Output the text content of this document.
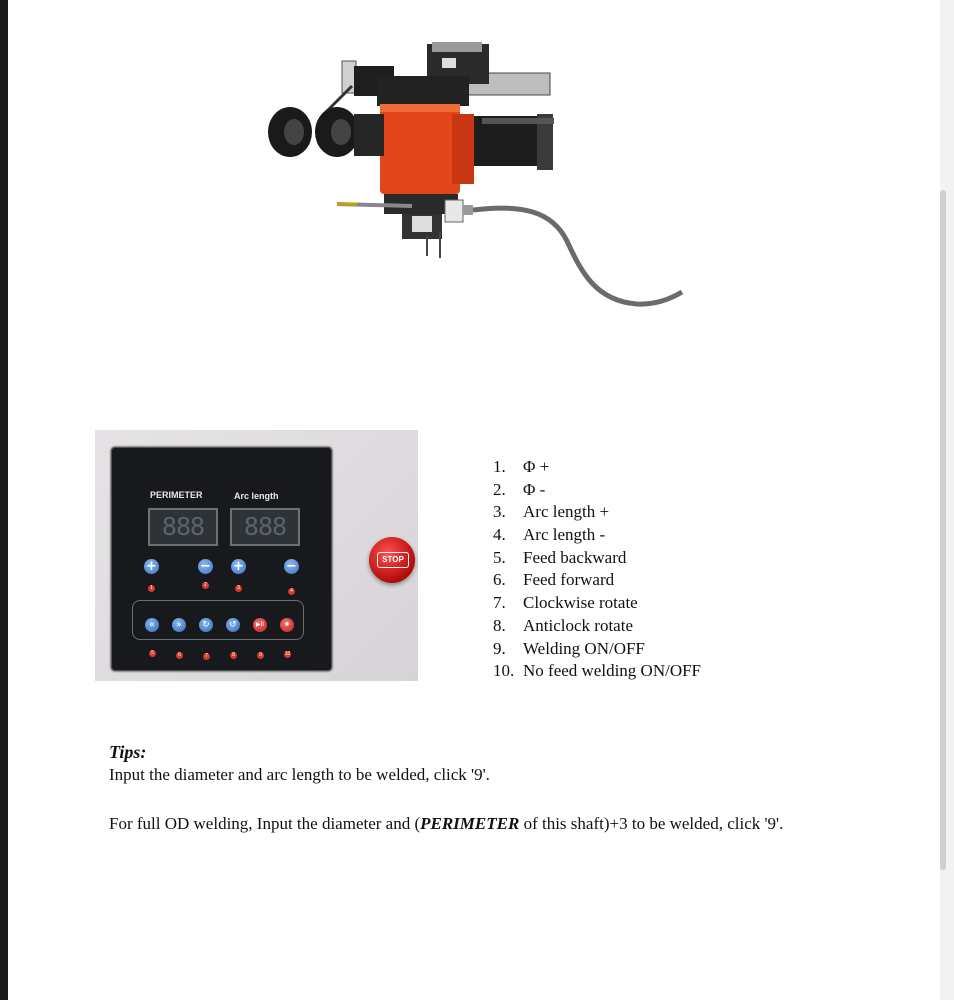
PERIMETER	Arc length
888	888
+	− +	−
1	2	3	4
«	»	↻	↺	▶II	✺
5	6	7	8	9	10
STOP
1. Φ +
2. Φ -
3. Arc length +
4. Arc length -
5. Feed backward
6. Feed forward
7. Clockwise rotate
8. Anticlock rotate
9. Welding ON/OFF
10. No feed welding ON/OFF
Tips:
Input the diameter and arc length to be welded, click '9'.
For full OD welding, Input the diameter and (PERIMETER of this shaft)+3 to be welded, click '9'.
